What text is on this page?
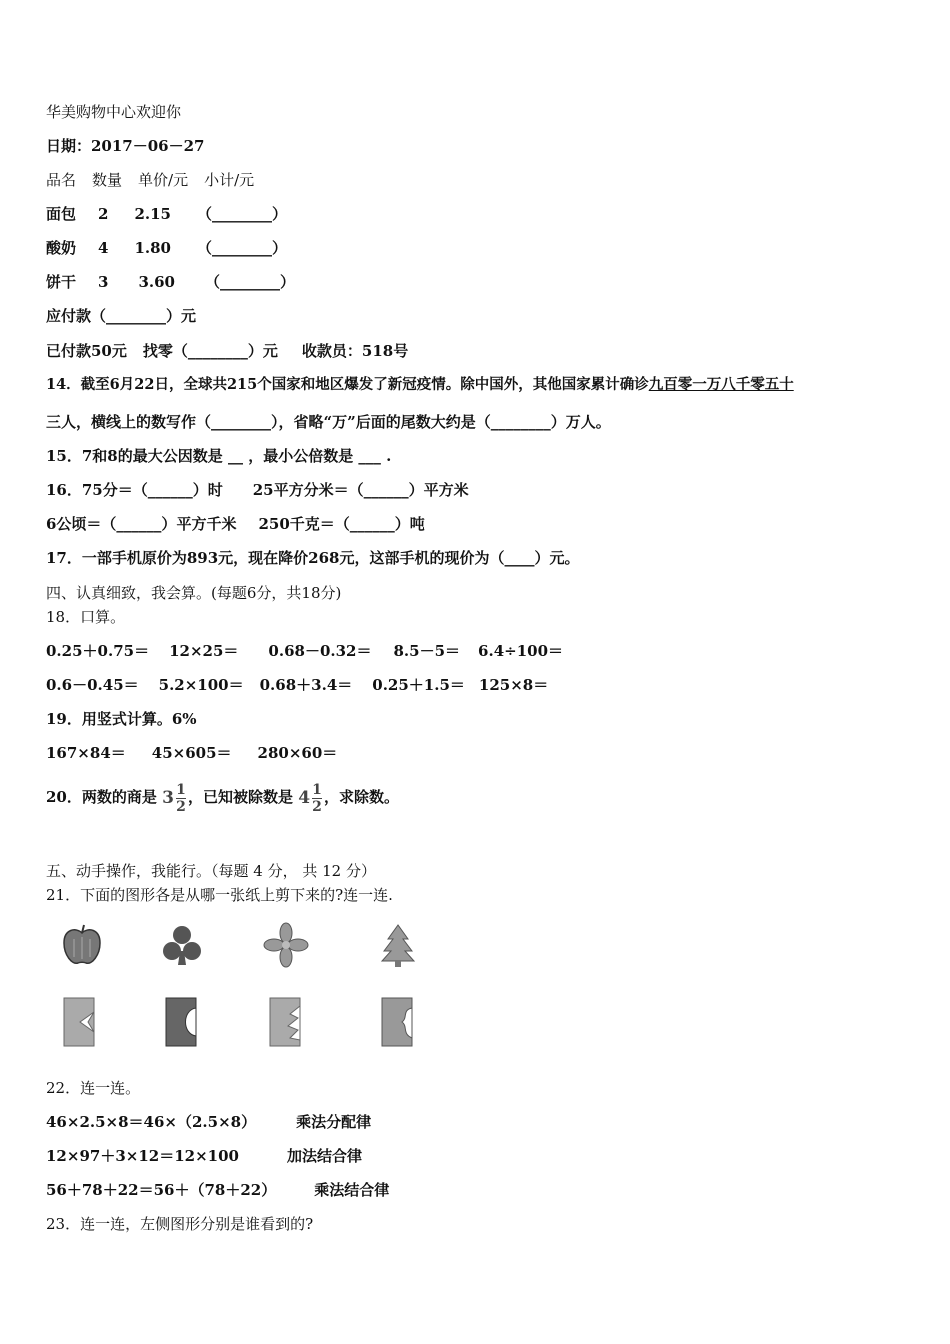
华美购物中心欢迎你
日期：2017－06－27
品名 数量 单价/元 小计/元
面包 2 2.15 （________）
酸奶 4 1.80 （________）
饼干 3 3.60 （________）
应付款（________）元
已付款50元 找零（________）元 收款员：518号
14．截至6月22日，全球共215个国家和地区爆发了新冠疫情。除中国外，其他国家累计确诊九百零一万八千零五十
三人，横线上的数写作（________），省略“万”后面的尾数大约是（________）万人。
15．7和8的最大公因数是 __ ，最小公倍数是 ___ .
16．75分＝（______）时 25平方分米＝（______）平方米
6公顷＝（______）平方千米 250千克＝（______）吨
17．一部手机原价为893元，现在降价268元，这部手机的现价为（____）元。
四、认真细致，我会算。(每题6分，共18分)
18．口算。
0.25＋0.75＝ 12×25＝ 0.68－0.32＝ 8.5－5＝ 6.4÷100＝
0.6－0.45＝ 5.2×100＝ 0.68＋3.4＝ 0.25＋1.5＝ 125×8＝
19．用竖式计算。6%
167×84＝ 45×605＝ 280×60＝
20．两数的商是 $3 \frac{1}{2}$ ，已知被除数是 $4 \frac{1}{2}$ ，求除数。
五、动手操作，我能行。（每题 4 分， 共 12 分）
21．下面的图形各是从哪一张纸上剪下来的?连一连.
22．连一连。
46×2.5×8＝46×（2.5×8）	乘法分配律
12×97＋3×12＝12×100	加法结合律
56＋78＋22＝56＋（78＋22）	乘法结合律
23．连一连，左侧图形分别是谁看到的?
